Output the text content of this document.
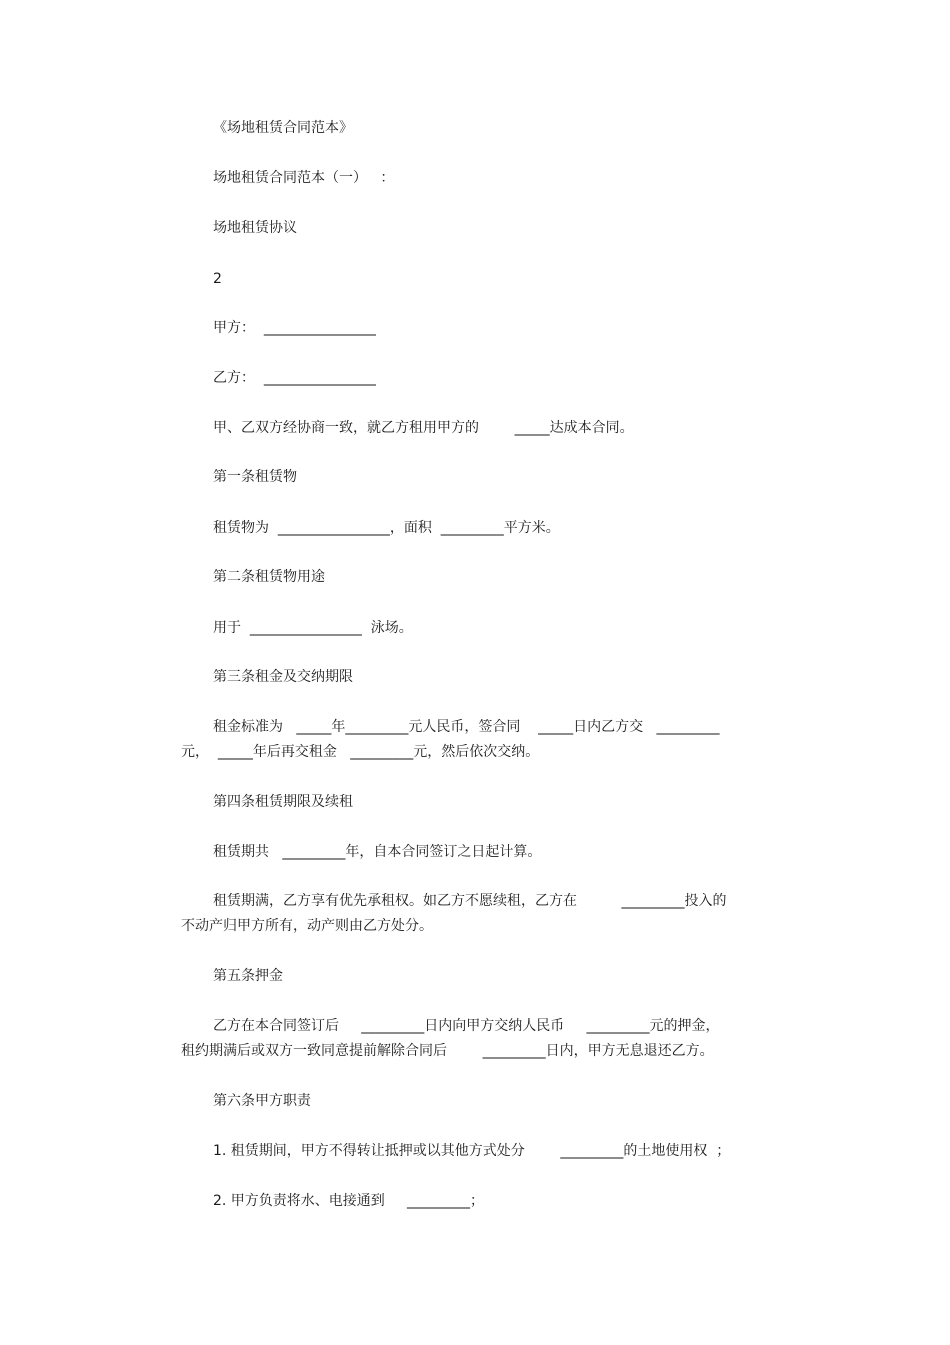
《场地租赁合同范本》
场地租赁合同范本（一）   ：
场地租赁协议
2
甲方：  ________________
乙方：  ________________
甲、乙双方经协商一致，就乙方租用甲方的        _____达成本合同。
第一条租赁物
租赁物为  ________________，面积  _________平方米。
第二条租赁物用途
用于  ________________  泳场。
第三条租金及交纳期限
租金标准为   _____年_________元人民币，签合同    _____日内乙方交   _________
元，  _____年后再交租金   _________元，然后依次交纳。
第四条租赁期限及续租
租赁期共   _________年，自本合同签订之日起计算。
租赁期满，乙方享有优先承租权。如乙方不愿续租，乙方在          _________投入的
不动产归甲方所有，动产则由乙方处分。
第五条押金
乙方在本合同签订后     _________日内向甲方交纳人民币     _________元的押金，
租约期满后或双方一致同意提前解除合同后        _________日内，甲方无息退还乙方。
第六条甲方职责
1. 租赁期间，甲方不得转让抵押或以其他方式处分        _________的土地使用权  ；
2. 甲方负责将水、电接通到     _________；
